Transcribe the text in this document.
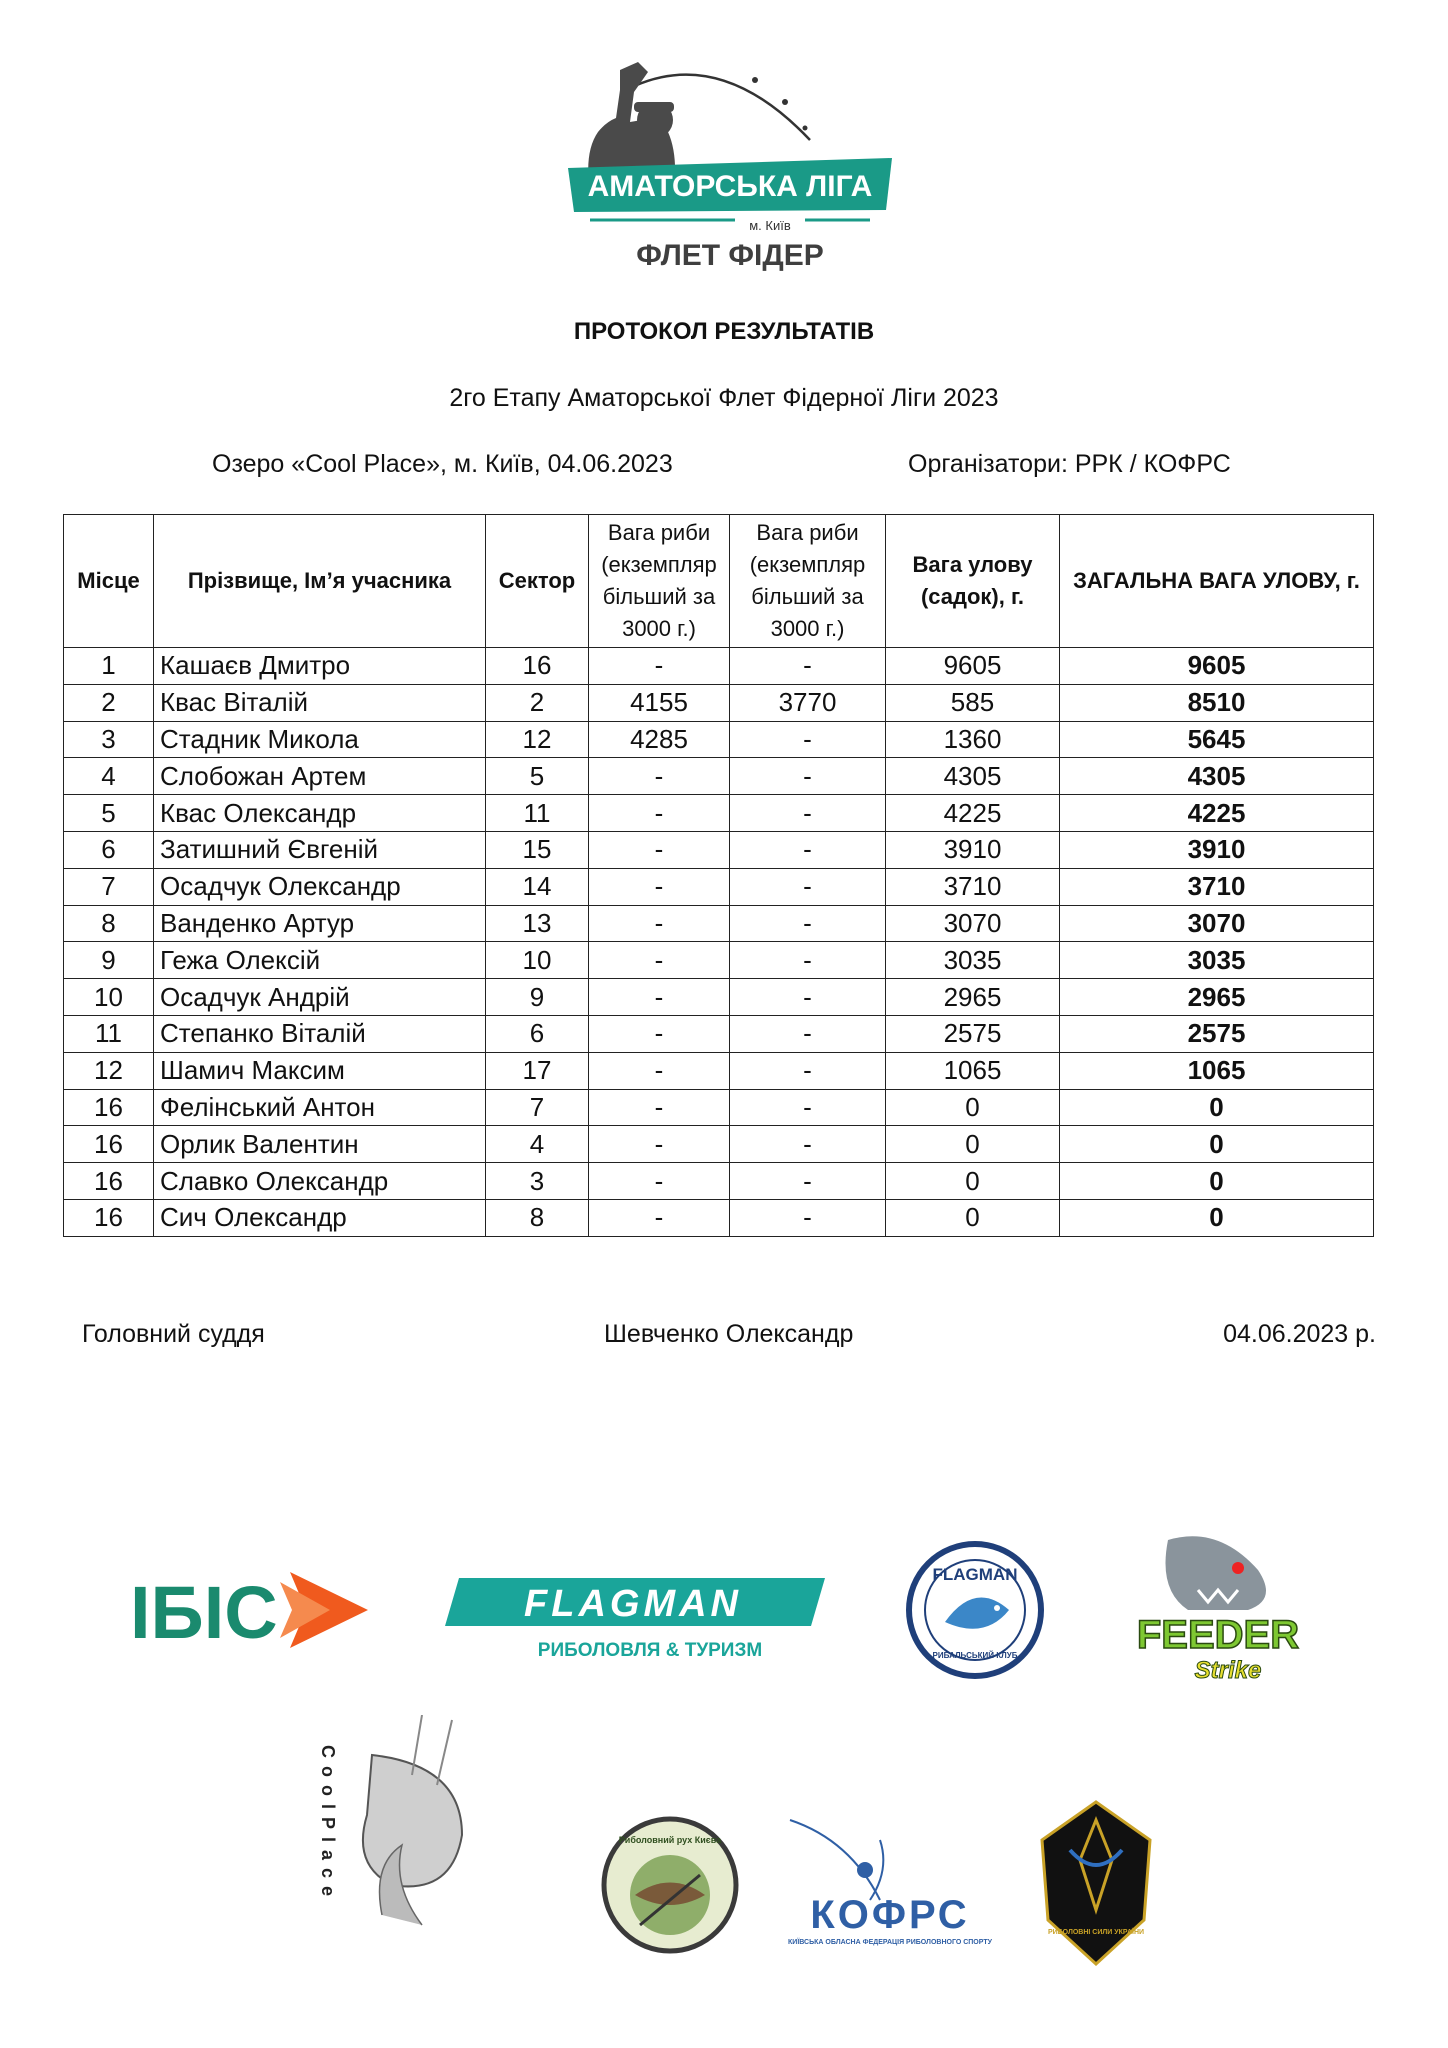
АМАТОРСЬКА ЛІГА
м. Київ
ФЛЕТ ФІДЕР
ПРОТОКОЛ РЕЗУЛЬТАТІВ
2го Етапу Аматорської Флет Фідерної Ліги 2023
Озеро «Cool Place», м. Київ, 04.06.2023	Організатори: РРК / КОФРС
Місце	Прізвище, Ім’я учасника	Сектор	Вага риби (екземпляр більший за 3000 г.)	Вага риби (екземпляр більший за 3000 г.)	Вага улову (садок), г.	ЗАГАЛЬНА ВАГА УЛОВУ, г.
1	Кашаєв Дмитро	16	-	-	9605	9605
2	Квас Віталій	2	4155	3770	585	8510
3	Стадник Микола	12	4285	-	1360	5645
4	Слобожан Артем	5	-	-	4305	4305
5	Квас Олександр	11	-	-	4225	4225
6	Затишний Євгеній	15	-	-	3910	3910
7	Осадчук Олександр	14	-	-	3710	3710
8	Ванденко Артур	13	-	-	3070	3070
9	Гежа Олексій	10	-	-	3035	3035
10	Осадчук Андрій	9	-	-	2965	2965
11	Степанко Віталій	6	-	-	2575	2575
12	Шамич Максим	17	-	-	1065	1065
16	Фелінський Антон	7	-	-	0	0
16	Орлик Валентин	4	-	-	0	0
16	Славко Олександр	3	-	-	0	0
16	Сич Олександр	8	-	-	0	0
Головний суддя	Шевченко Олександр	04.06.2023 р.
ІБІС	FLAGMAN
РИБОЛОВЛЯ & ТУРИЗМ
FLAGMAN
РИБАЛЬСЬКИЙ КЛУБ	FEEDER
Strike
CoolPlace	Риболовний рух Києва
КОФРС
КИЇВСЬКА ОБЛАСНА ФЕДЕРАЦІЯ РИБОЛОВНОГО СПОРТУ
РИБОЛОВНІ СИЛИ УКРАЇНИ
